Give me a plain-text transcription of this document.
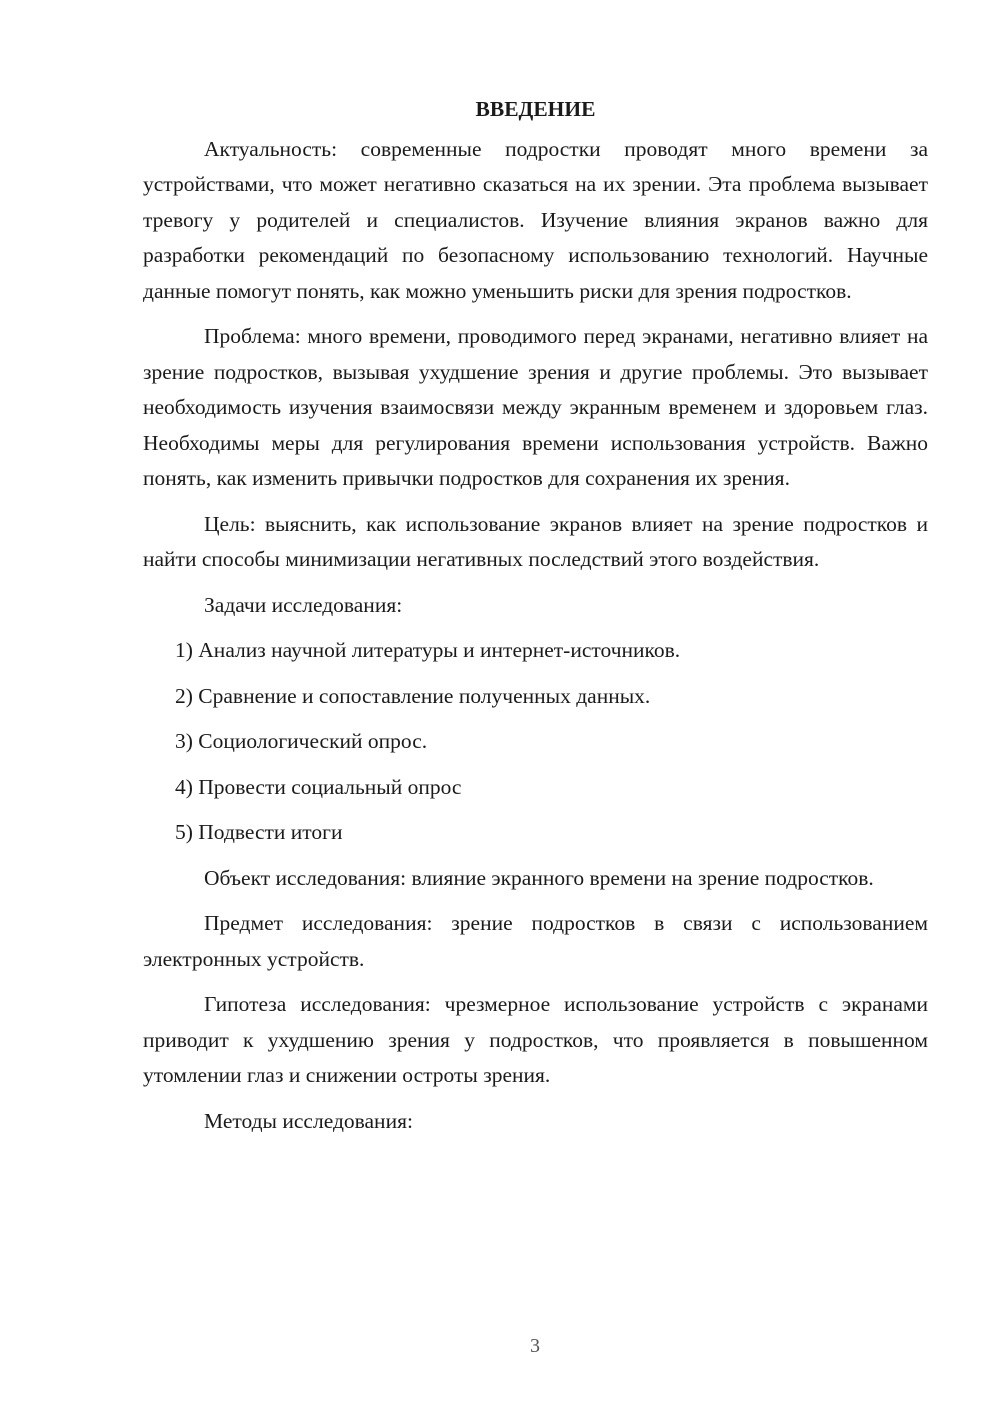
ВВЕДЕНИЕ

Актуальность: современные подростки проводят много времени за устройствами, что может негативно сказаться на их зрении. Эта проблема вызывает тревогу у родителей и специалистов. Изучение влияния экранов важно для разработки рекомендаций по безопасному использованию технологий. Научные данные помогут понять, как можно уменьшить риски для зрения подростков.

Проблема: много времени, проводимого перед экранами, негативно влияет на зрение подростков, вызывая ухудшение зрения и другие проблемы. Это вызывает необходимость изучения взаимосвязи между экранным временем и здоровьем глаз. Необходимы меры для регулирования времени использования устройств. Важно понять, как изменить привычки подростков для сохранения их зрения.

Цель: выяснить, как использование экранов влияет на зрение подростков и найти способы минимизации негативных последствий этого воздействия.

Задачи исследования:

1) Анализ научной литературы и интернет-источников.
2) Сравнение и сопоставление полученных данных.
3) Социологический опрос.
4) Провести социальный опрос
5) Подвести итоги

Объект исследования: влияние экранного времени на зрение подростков.

Предмет исследования: зрение подростков в связи с использованием электронных устройств.

Гипотеза исследования: чрезмерное использование устройств с экранами приводит к ухудшению зрения у подростков, что проявляется в повышенном утомлении глаз и снижении остроты зрения.

Методы исследования:

3
